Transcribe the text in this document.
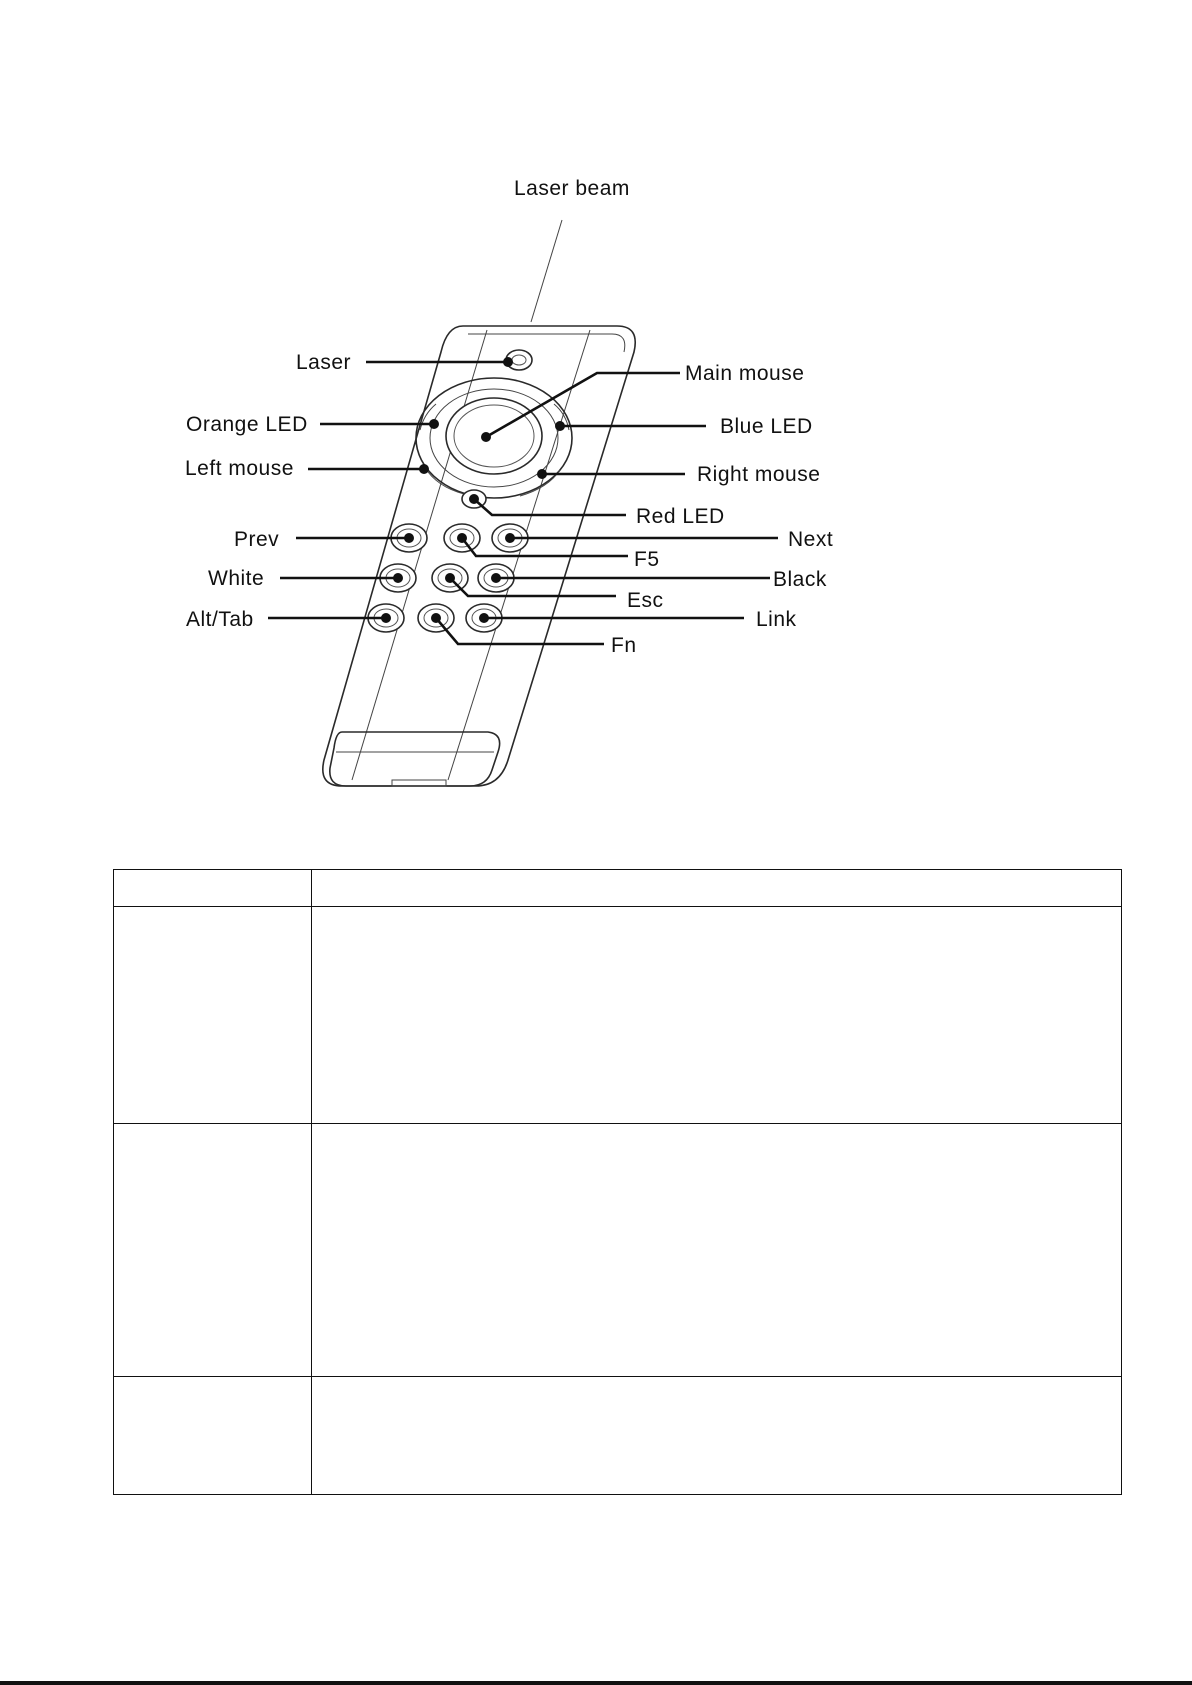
Laser beam
Laser	Main mouse
Orange LED	Blue LED
Left mouse	Right mouse
Red LED
Prev	Next
F5
White	Black
Esc
Alt/Tab	Link
Fn
